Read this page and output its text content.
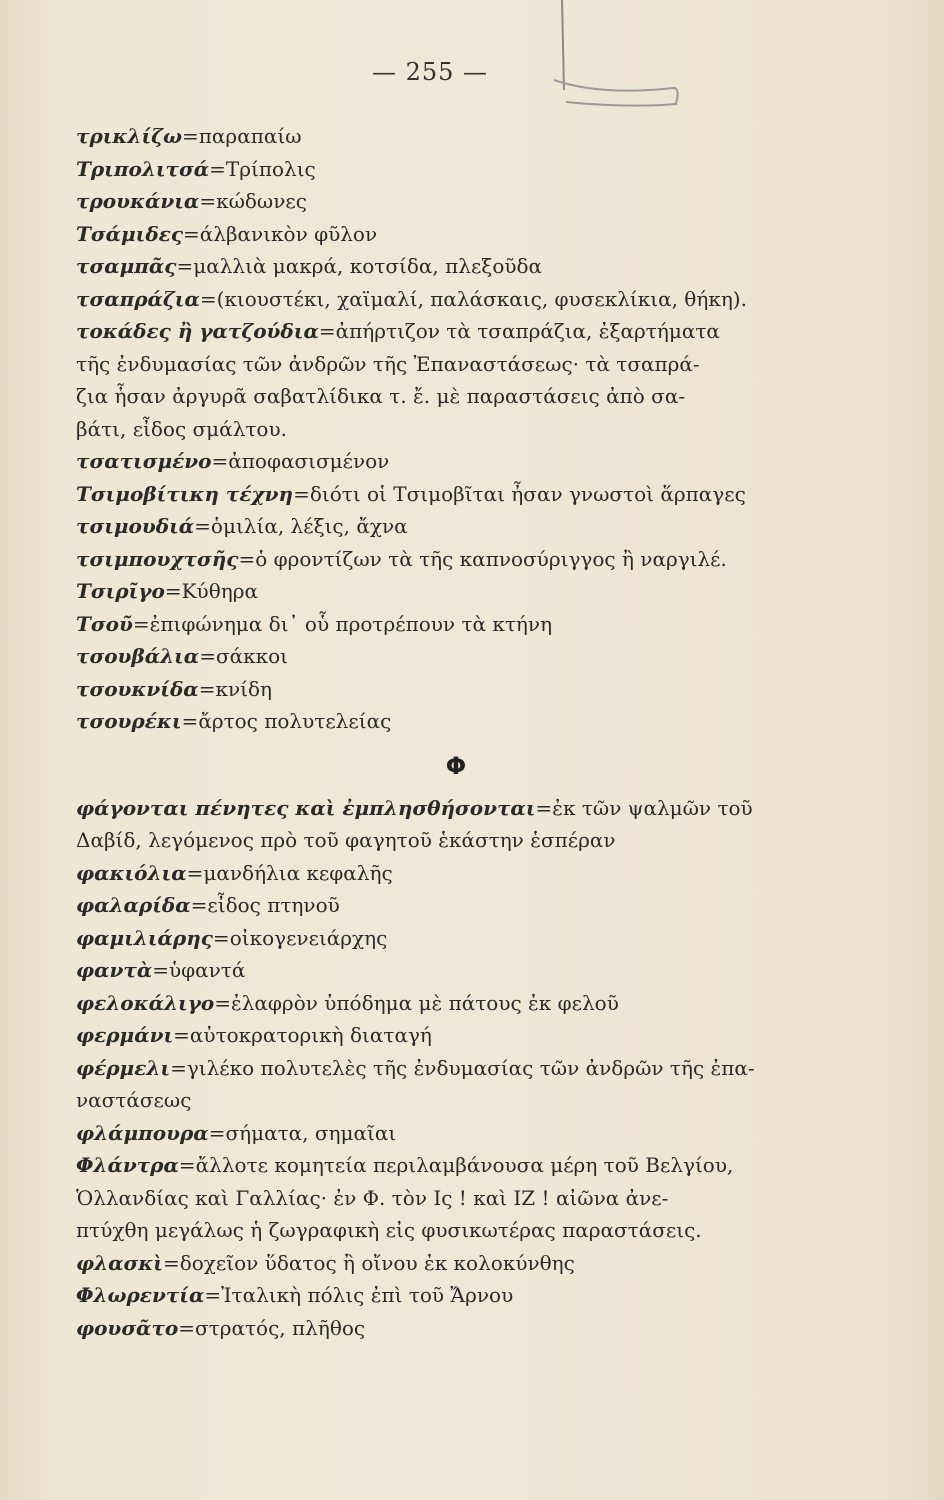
— 255 —

τρικλίζω=παραπαίω

Τριπολιτσά=Τρίπολις

τρουκάνια=κώδωνες

Τσάμιδες=άλβανικὸν φῦλον

τσαμπᾶς=μαλλιὰ μακρά, κοτσίδα, πλεξοῦδα

τσαπράζια=(κιουστέκι, χαϊμαλί, παλάσκαις, φυσεκλίκια, θήκη).

τοκάδες ἢ γατζούδια=ἀπήρτιζον τὰ τσαπράζια, ἐξαρτήματα
τῆς ἐνδυμασίας τῶν ἀνδρῶν τῆς Ἐπαναστάσεως· τὰ τσαπρά-
ζια ἦσαν ἀργυρᾶ σαβατλίδικα τ. ἔ. μὲ παραστάσεις ἀπὸ σα-
βάτι, εἶδος σμάλτου.

τσατισμένο=ἀποφασισμένον

Τσιμοβίτικη τέχνη=διότι οἱ Τσιμοβῖται ἦσαν γνωστοὶ ἅρπαγες

τσιμουδιά=ὁμιλία, λέξις, ἄχνα

τσιμπουχτσῆς=ὁ φροντίζων τὰ τῆς καπνοσύριγγος ἢ ναργιλέ.

Τσιρῖγο=Κύθηρα

Τσοῦ=ἐπιφώνημα δι᾽ οὗ προτρέπουν τὰ κτήνη

τσουβάλια=σάκκοι

τσουκνίδα=κνίδη

τσουρέκι=ἄρτος πολυτελείας

Φ

φάγονται πένητες καὶ ἐμπλησθήσονται=ἐκ τῶν ψαλμῶν τοῦ
Δαβίδ, λεγόμενος πρὸ τοῦ φαγητοῦ ἑκάστην ἑσπέραν

φακιόλια=μανδήλια κεφαλῆς

φαλαρίδα=εἶδος πτηνοῦ

φαμιλιάρης=οἰκογενειάρχης

φαντὰ=ὑφαντά

φελοκάλιγο=ἐλαφρὸν ὑπόδημα μὲ πάτους ἐκ φελοῦ

φερμάνι=αὐτοκρατορικὴ διαταγή

φέρμελι=γιλέκο πολυτελὲς τῆς ἐνδυμασίας τῶν ἀνδρῶν τῆς ἐπα-
ναστάσεως

φλάμπουρα=σήματα, σημαῖαι

Φλάντρα=ἄλλοτε κομητεία περιλαμβάνουσα μέρη τοῦ Βελγίου,
Ὁλλανδίας καὶ Γαλλίας· ἐν Φ. τὸν Ις ! καὶ ΙΖ ! αἰῶνα ἀνε-
πτύχθη μεγάλως ἡ ζωγραφικὴ εἰς φυσικωτέρας παραστάσεις.

φλασκὶ=δοχεῖον ὕδατος ἢ οἴνου ἐκ κολοκύνθης

Φλωρεντία=Ἰταλικὴ πόλις ἐπὶ τοῦ Ἄρνου

φουσᾶτο=στρατός, πλῆθος
